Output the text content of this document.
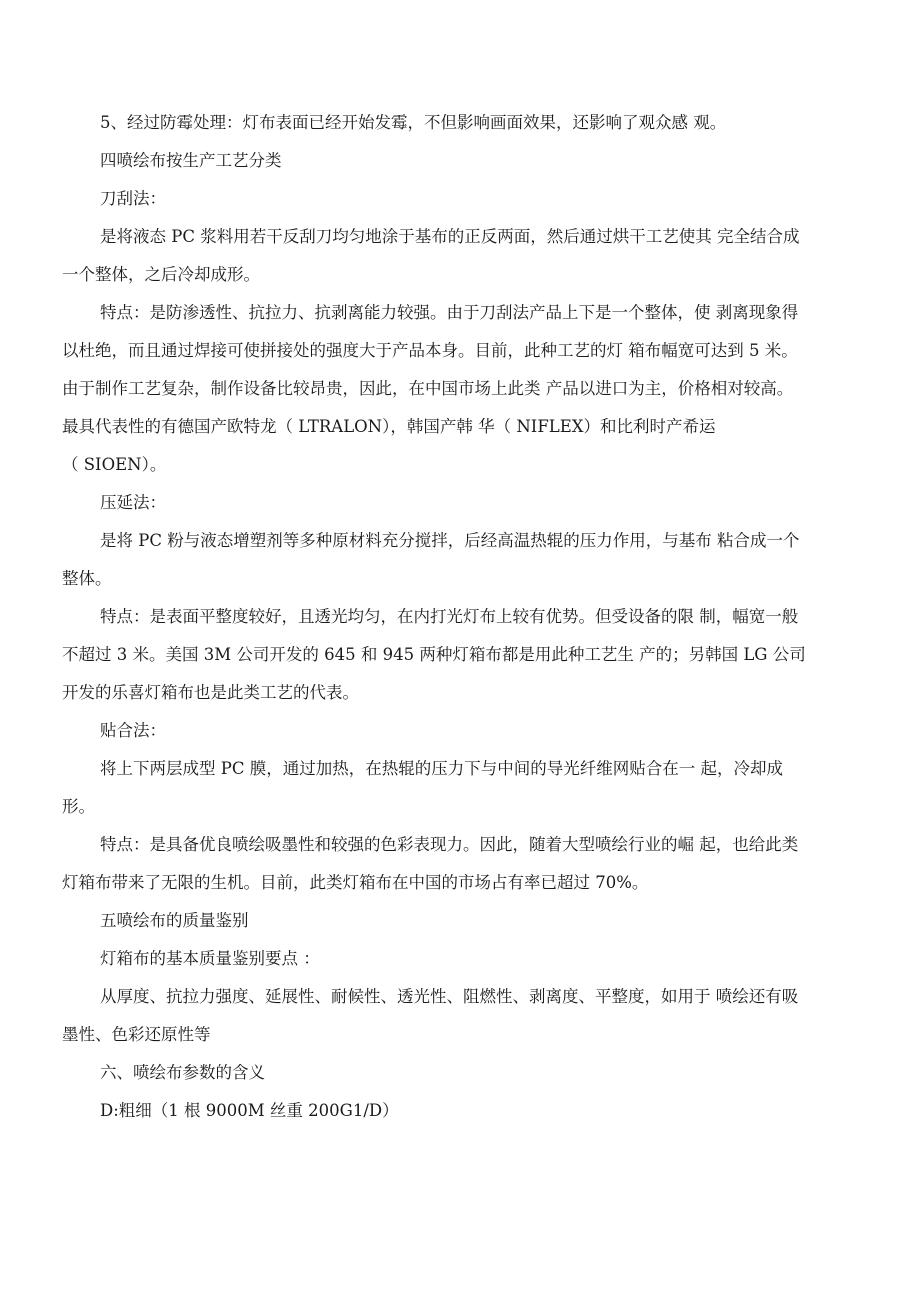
5、经过防霉处理：灯布表面已经开始发霉，不但影响画面效果，还影响了观众感 观。
四喷绘布按生产工艺分类
刀刮法：
是将液态 PC 浆料用若干反刮刀均匀地涂于基布的正反两面，然后通过烘干工艺使其 完全结合成
一个整体，之后冷却成形。
特点：是防渗透性、抗拉力、抗剥离能力较强。由于刀刮法产品上下是一个整体，使 剥离现象得
以杜绝，而且通过焊接可使拼接处的强度大于产品本身。目前，此种工艺的灯 箱布幅宽可达到 5 米。
由于制作工艺复杂，制作设备比较昂贵，因此，在中国市场上此类 产品以进口为主，价格相对较高。
最具代表性的有德国产欧特龙（ LTRALON），韩国产韩 华（ NIFLEX）和比利时产希运
（ SIOEN）。
压延法：
是将 PC 粉与液态增塑剂等多种原材料充分搅拌，后经高温热辊的压力作用，与基布 粘合成一个
整体。
特点：是表面平整度较好，且透光均匀，在内打光灯布上较有优势。但受设备的限 制，幅宽一般
不超过 3 米。美国 3M 公司开发的 645 和 945 两种灯箱布都是用此种工艺生 产的；另韩国 LG 公司
开发的乐喜灯箱布也是此类工艺的代表。
贴合法：
将上下两层成型 PC 膜，通过加热，在热辊的压力下与中间的导光纤维网贴合在一 起，冷却成
形。
特点：是具备优良喷绘吸墨性和较强的色彩表现力。因此，随着大型喷绘行业的崛 起，也给此类
灯箱布带来了无限的生机。目前，此类灯箱布在中国的市场占有率已超过 70%。
五喷绘布的质量鉴别
灯箱布的基本质量鉴别要点 ：
从厚度、抗拉力强度、延展性、耐候性、透光性、阻燃性、剥离度、平整度，如用于 喷绘还有吸
墨性、色彩还原性等
六、喷绘布参数的含义
D:粗细（1 根 9000M 丝重 200G1/D）
